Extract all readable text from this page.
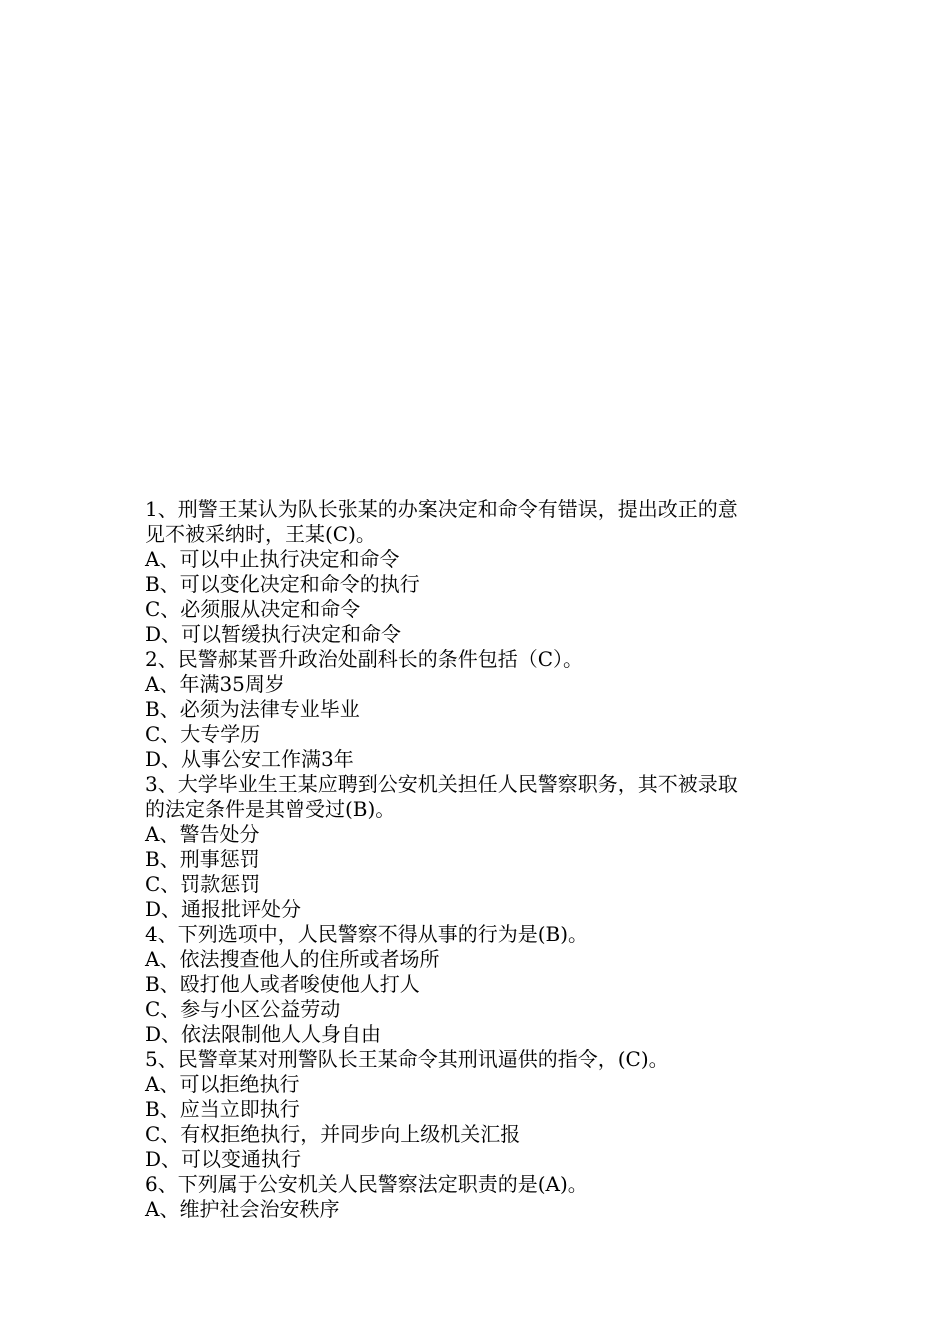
1、刑警王某认为队长张某的办案决定和命令有错误，提出改正的意
见不被采纳时，王某(C)。
A、可以中止执行决定和命令
B、可以变化决定和命令的执行
C、必须服从决定和命令
D、可以暂缓执行决定和命令
2、民警郝某晋升政治处副科长的条件包括（C）。
A、年满35周岁
B、必须为法律专业毕业
C、大专学历
D、从事公安工作满3年
3、大学毕业生王某应聘到公安机关担任人民警察职务，其不被录取
的法定条件是其曾受过(B)。
A、警告处分
B、刑事惩罚
C、罚款惩罚
D、通报批评处分
4、下列选项中，人民警察不得从事的行为是(B)。
A、依法搜查他人的住所或者场所
B、殴打他人或者唆使他人打人
C、参与小区公益劳动
D、依法限制他人人身自由
5、民警章某对刑警队长王某命令其刑讯逼供的指令，(C)。
A、可以拒绝执行
B、应当立即执行
C、有权拒绝执行，并同步向上级机关汇报
D、可以变通执行
6、下列属于公安机关人民警察法定职责的是(A)。
A、维护社会治安秩序
